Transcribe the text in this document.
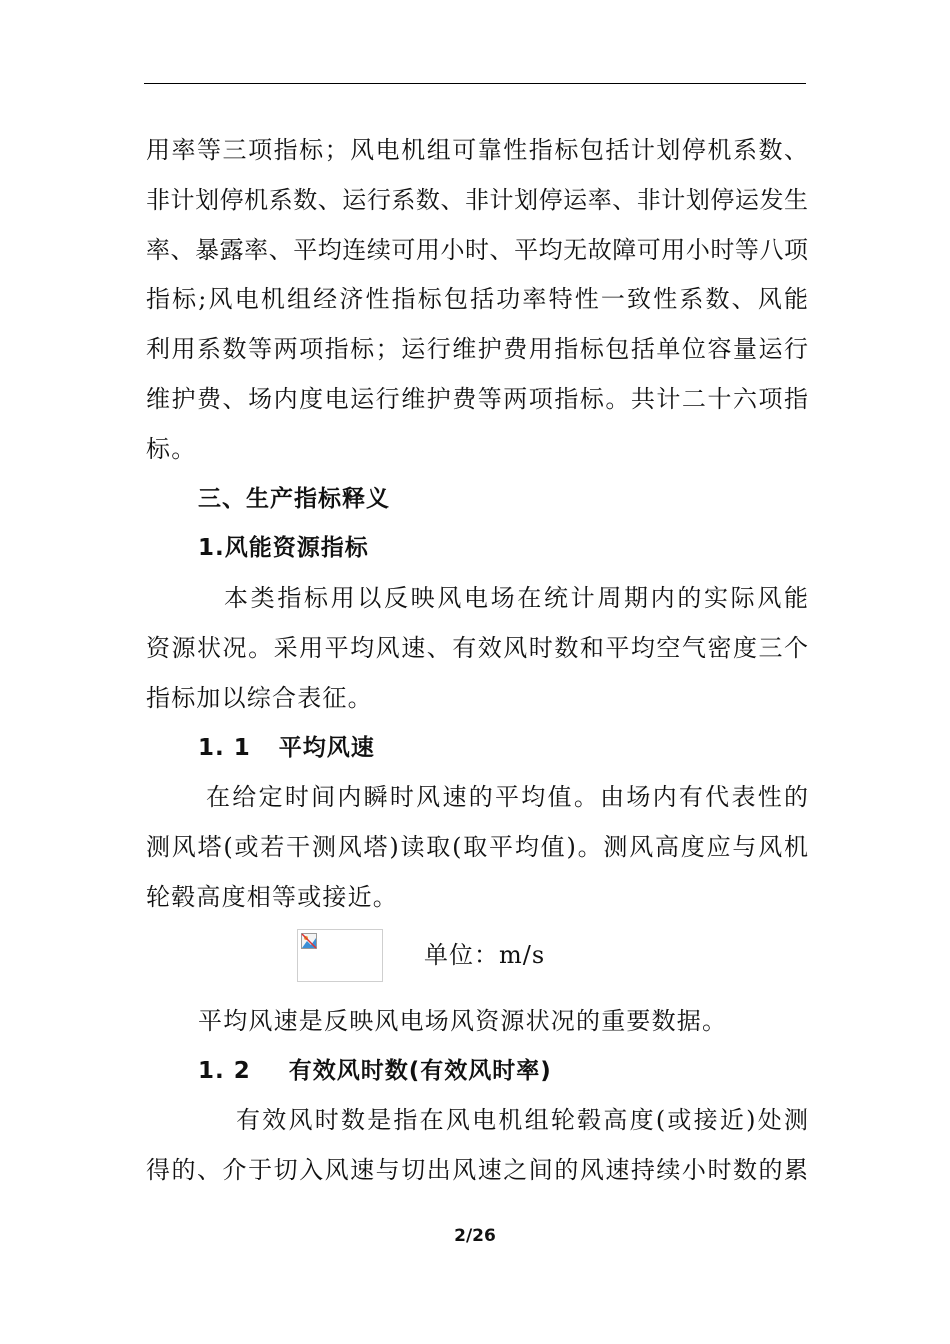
用率等三项指标；风电机组可靠性指标包括计划停机系数、
非计划停机系数、运行系数、非计划停运率、非计划停运发生
率、暴露率、平均连续可用小时、平均无故障可用小时等八项
指标;风电机组经济性指标包括功率特性一致性系数、风能
利用系数等两项指标；运行维护费用指标包括单位容量运行
维护费、场内度电运行维护费等两项指标。共计二十六项指
标。
三、生产指标释义
1.风能资源指标
本类指标用以反映风电场在统计周期内的实际风能
资源状况。采用平均风速、有效风时数和平均空气密度三个
指标加以综合表征。
1. 1 平均风速
在给定时间内瞬时风速的平均值。由场内有代表性的
测风塔(或若干测风塔)读取(取平均值)。测风高度应与风机
轮毂高度相等或接近。
单位：m/s
平均风速是反映风电场风资源状况的重要数据。
1. 2 有效风时数(有效风时率)
有效风时数是指在风电机组轮毂高度(或接近)处测
得的、介于切入风速与切出风速之间的风速持续小时数的累
2/26
